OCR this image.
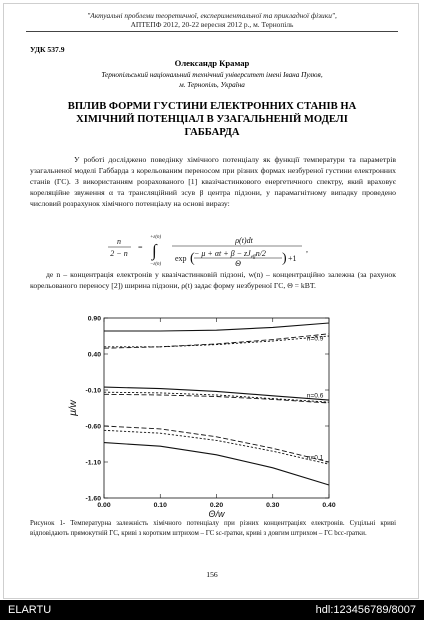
"Актуальні проблеми теоретичної, експериментальної та прикладної фізики",
АПТЕПФ 2012, 20-22 вересня 2012 р., м. Тернопіль
УДК 537.9
Олександр Крамар
Тернопільський національний технічний університет імені Івана Пулюя,
м. Тернопіль, Україна
ВПЛИВ ФОРМИ ГУСТИНИ ЕЛЕКТРОННИХ СТАНІВ НА
ХІМІЧНИЙ ПОТЕНЦІАЛ В УЗАГАЛЬНЕНІЙ МОДЕЛІ
ГАББАРДА

У роботі досліджено поведінку хімічного потенціалу як функції температури та параметрів узагальненої моделі Габбарда з корельованим переносом при різних формах незбуреної густини електронних станів (ГС). З використанням розрахованого [1] квазічастинкового енергетичного спектру, який враховує кореляційне звуження α та трансляційний зсув β центра підзони, у парамагнітному випадку проведено числовий розрахунок хімічного потенціалу на основі виразу:

n
2 − n
=
+ε(n)
∫
−ε(n)
ρ(t)dt
exp ( − $\mu + \alpha t + \beta - zJ_{eff}n/2$
Θ	) +1
,

де n – концентрація електронів у квазічастинковій підзоні, w(n) – концентраційно залежна (за рахунок корельованого переносу [2]) ширина підзони, ρ(t) задає форму незбуреної ГС, Θ = kBT.

0.90
0.40
-0.10
-0.60
-1.10
-1.60
0.00	0.10	0.20	0.30	0.40
μ/w
Θ/w
n=0.9
n=0.6
n=0.1

Рисунок 1- Температурна залежність хімічного потенціалу при різних концентраціях електронів. Суцільні криві відповідають прямокутній ГС, криві з коротким штрихом – ГС sc-ґратки, криві з довгим штрихом – ГС bcc-ґратки.

156
ELARTU	hdl:123456789/8007
